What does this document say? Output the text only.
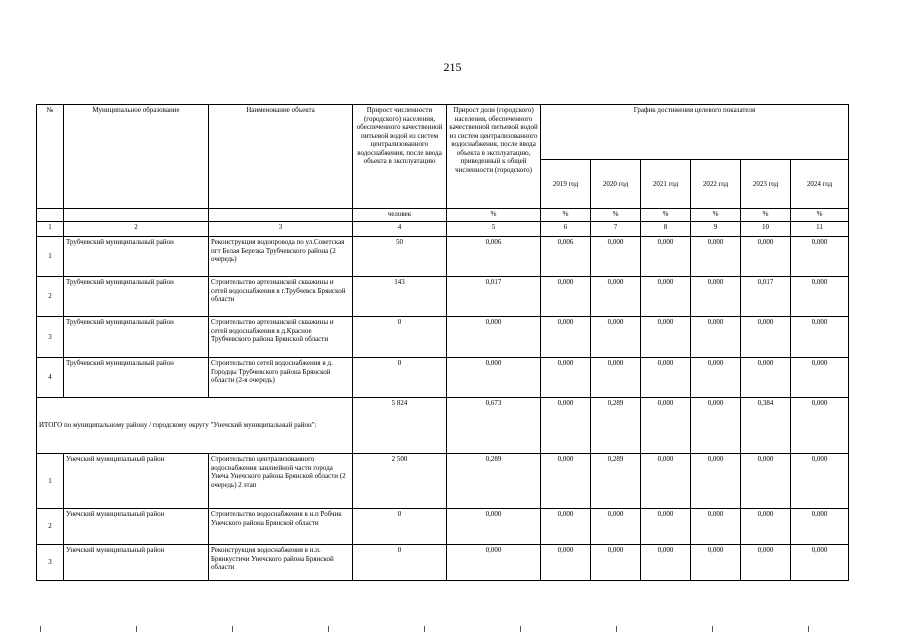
215
№	Муниципальное образование	Наименование объекта	Прирост численности (городского) населения, обеспеченного качественной питьевой водой из систем централизованного водоснабжения, после ввода объекта в эксплуатацию	Прирост доли (городского) населения, обеспеченного качественной питьевой водой из систем централизованного водоснабжения, после ввода объекта в эксплуатацию, приведенный к общей численности (городского)	График достижения целевого показателя					
					2019 год	2020 год	2021 год	2022 год	2023 год	2024 год
			человек	%	%	%	%	%	%	%
1	2	3	4	5	6	7	8	9	10	11
1	Трубчевский муниципальный район	Реконструкция водопровода по ул.Советская пгт Белая Березка Трубчевского района (2 очередь)	50	0,006	0,006	0,000	0,000	0,000	0,000	0,000
2	Трубчевский муниципальный район	Строительство артезианской скважины и сетей водоснабжения в г.Трубчевск Брянской области	143	0,017	0,000	0,000	0,000	0,000	0,017	0,000
3	Трубчевский муниципальный район	Строительство артезианской скважины и сетей водоснабжения в д.Красное Трубчевского района Брянской области	0	0,000	0,000	0,000	0,000	0,000	0,000	0,000
4	Трубчевский муниципальный район	Строительство сетей водоснабжения в д. Городцы Трубчевского района Брянской области (2-я очередь)	0	0,000	0,000	0,000	0,000	0,000	0,000	0,000
ИТОГО по муниципальному району / городскому округу "Унечский муниципальный район":			5 824	0,673	0,000	0,289	0,000	0,000	0,384	0,000
1	Унечский муниципальный район	Строительство централизованного водоснабжения заилиейной части города Унеча Унечского района Брянской области (2 очередь) 2 этап	2 500	0,289	0,000	0,289	0,000	0,000	0,000	0,000
2	Унечский муниципальный район	Строительство водоснабжения в н.п Робчик Унечского района Брянской области	0	0,000	0,000	0,000	0,000	0,000	0,000	0,000
3	Унечский муниципальный район	Реконструкция водоснабжения в н.п. Брянкустичи Унечского района Брянской области	0	0,000	0,000	0,000	0,000	0,000	0,000	0,000
